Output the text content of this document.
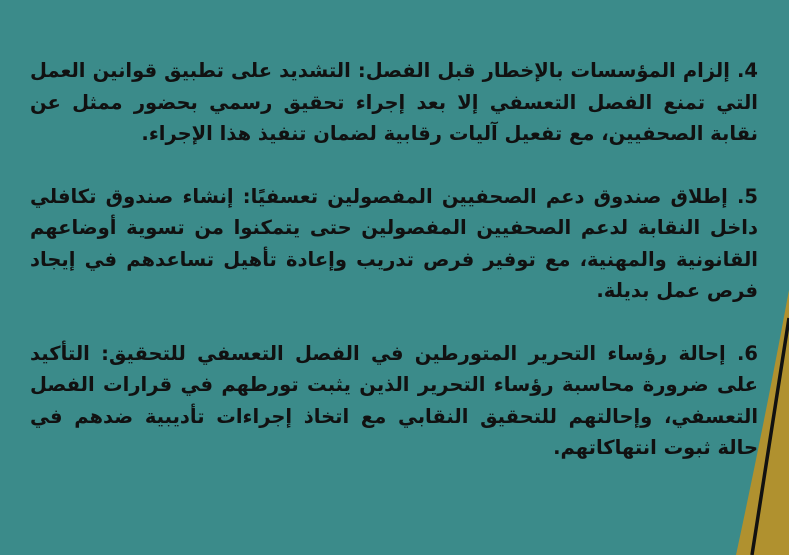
4. إلزام المؤسسات بالإخطار قبل الفصل: التشديد على تطبيق قوانين العمل التي تمنع الفصل التعسفي إلا بعد إجراء تحقيق رسمي بحضور ممثل عن نقابة الصحفيين، مع تفعيل آليات رقابية لضمان تنفيذ هذا الإجراء.

5. إطلاق صندوق دعم الصحفيين المفصولين تعسفيًا: إنشاء صندوق تكافلي داخل النقابة لدعم الصحفيين المفصولين حتى يتمكنوا من تسوية أوضاعهم القانونية والمهنية، مع توفير فرص تدريب وإعادة تأهيل تساعدهم في إيجاد فرص عمل بديلة.

6. إحالة رؤساء التحرير المتورطين في الفصل التعسفي للتحقيق: التأكيد على ضرورة محاسبة رؤساء التحرير الذين يثبت تورطهم في قرارات الفصل التعسفي، وإحالتهم للتحقيق النقابي مع اتخاذ إجراءات تأديبية ضدهم في حالة ثبوت انتهاكاتهم.
